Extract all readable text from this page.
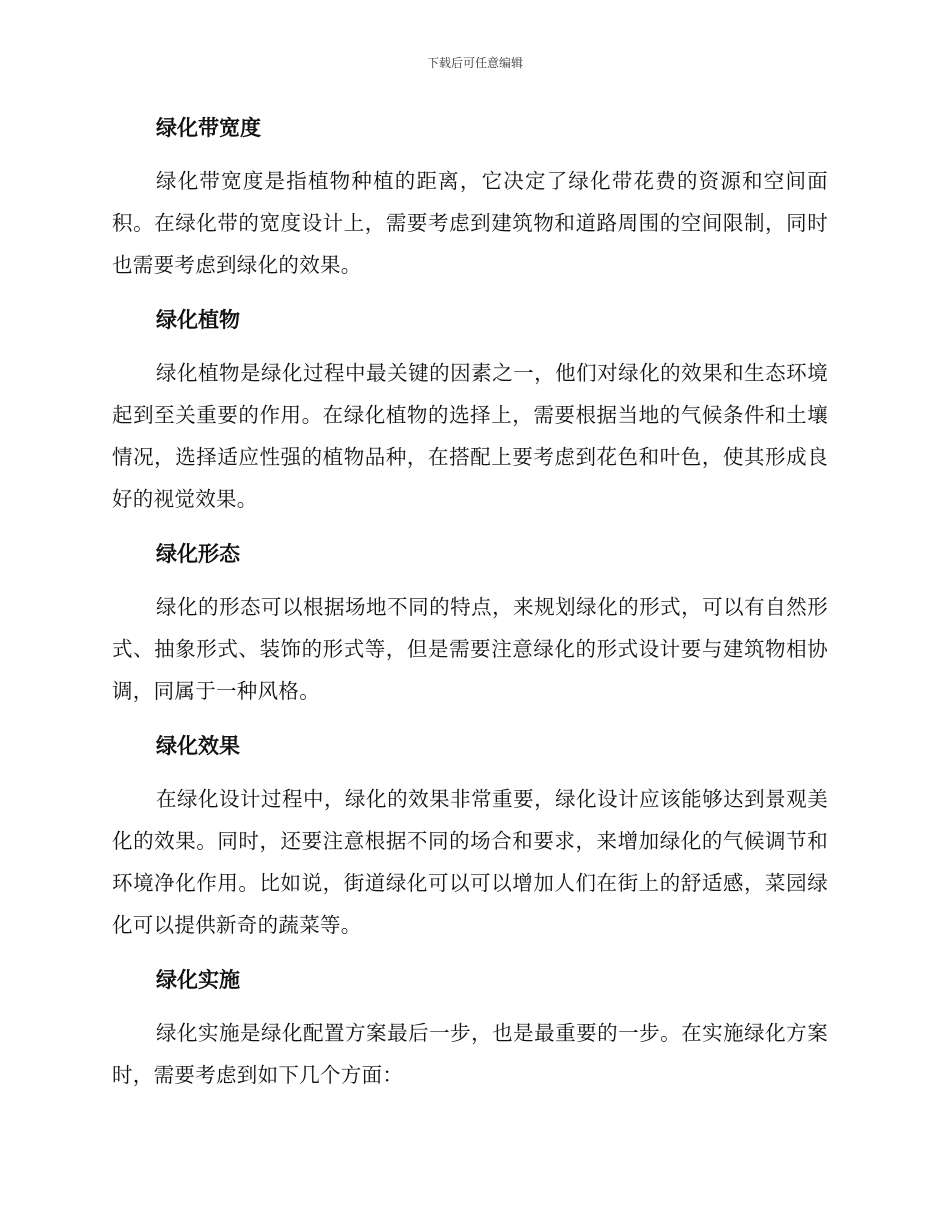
下载后可任意编辑
绿化带宽度

绿化带宽度是指植物种植的距离，它决定了绿化带花费的资源和空间面积。在绿化带的宽度设计上，需要考虑到建筑物和道路周围的空间限制，同时也需要考虑到绿化的效果。

绿化植物

绿化植物是绿化过程中最关键的因素之一，他们对绿化的效果和生态环境起到至关重要的作用。在绿化植物的选择上，需要根据当地的气候条件和土壤情况，选择适应性强的植物品种，在搭配上要考虑到花色和叶色，使其形成良好的视觉效果。

绿化形态

绿化的形态可以根据场地不同的特点，来规划绿化的形式，可以有自然形式、抽象形式、装饰的形式等，但是需要注意绿化的形式设计要与建筑物相协调，同属于一种风格。

绿化效果

在绿化设计过程中，绿化的效果非常重要，绿化设计应该能够达到景观美化的效果。同时，还要注意根据不同的场合和要求，来增加绿化的气候调节和环境净化作用。比如说，街道绿化可以可以增加人们在街上的舒适感，菜园绿化可以提供新奇的蔬菜等。

绿化实施

绿化实施是绿化配置方案最后一步，也是最重要的一步。在实施绿化方案时，需要考虑到如下几个方面：
